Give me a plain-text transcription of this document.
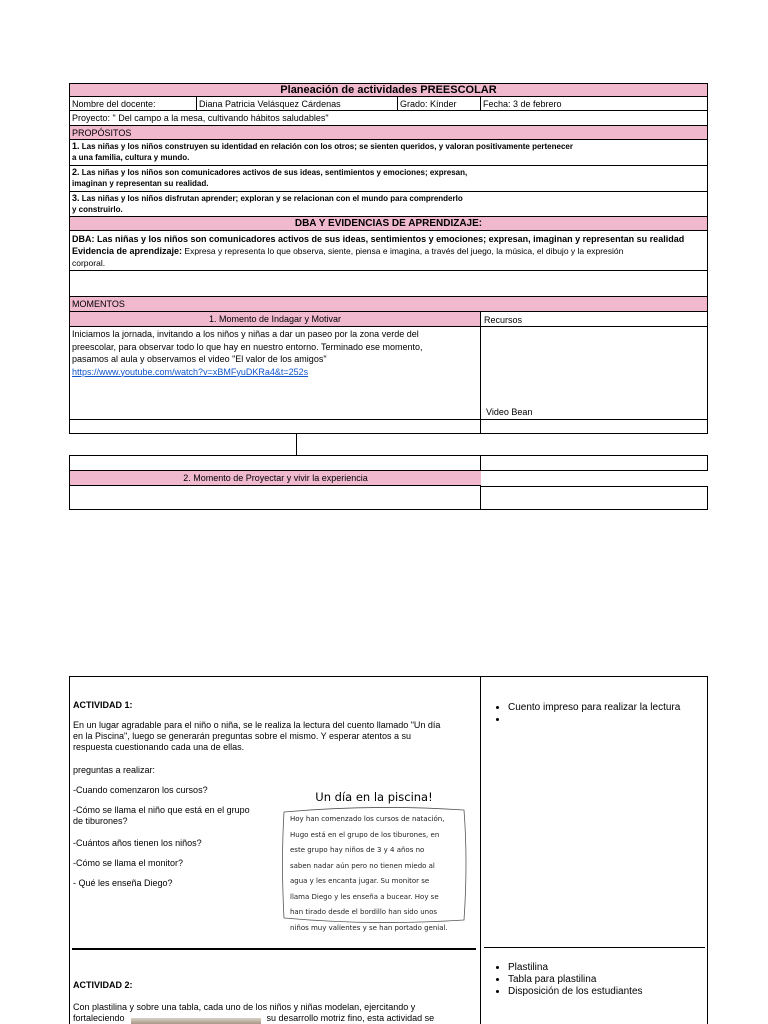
Planeación de actividades PREESCOLAR
Nombre del docente:	Diana Patricia Velásquez Cárdenas	Grado: Kínder	Fecha: 3 de febrero
Proyecto: " Del campo a la mesa, cultivando hábitos saludables"
PROPÓSITOS
1. Las niñas y los niños construyen su identidad en relación con los otros; se sienten queridos, y valoran positivamente pertenecer
a una familia, cultura y mundo.
2. Las niñas y los niños son comunicadores activos de sus ideas, sentimientos y emociones; expresan,
imaginan y representan su realidad.
3. Las niñas y los niños disfrutan aprender; exploran y se relacionan con el mundo para comprenderlo
y construirlo.
DBA Y EVIDENCIAS DE APRENDIZAJE:
DBA: Las niñas y los niños son comunicadores activos de sus ideas, sentimientos y emociones; expresan, imaginan y representan su realidad
Evidencia de aprendizaje: Expresa y representa lo que observa, siente, piensa e imagina, a través del juego, la música, el dibujo y la expresión
corporal.
MOMENTOS
1. Momento de Indagar y Motivar	Recursos
Iniciamos la jornada, invitando a los niños y niñas a dar un paseo por la zona verde del
preescolar, para observar todo lo que hay en nuestro entorno. Terminado ese momento,
pasamos al aula y observamos el video "El valor de los amigos"
https://www.youtube.com/watch?v=xBMFyuDKRa4&t=252s
Video Bean
2. Momento de Proyectar y vivir la experiencia
ACTIVIDAD 1:
En un lugar agradable para el niño o niña, se le realiza la lectura del cuento llamado "Un día
en la Piscina", luego se generarán preguntas sobre el mismo. Y esperar atentos a su
respuesta cuestionando cada una de ellas.
preguntas a realizar:
-Cuando comenzaron los cursos?
-Cómo se llama el niño que está en el grupo
de tiburones?
-Cuántos años tienen los niños?
-Cómo se llama el monitor?
- Qué les enseña Diego?
Un día en la piscina!
Hoy han comenzado los cursos de natación,
Hugo está en el grupo de los tiburones, en
este grupo hay niños de 3 y 4 años no
saben nadar aún pero no tienen miedo al
agua y les encanta jugar. Su monitor se
llama Diego y les enseña a bucear. Hoy se
han tirado desde el bordillo han sido unos
niños muy valientes y se han portado genial.
• Cuento impreso para realizar la lectura
•
ACTIVIDAD 2:
Con plastilina y sobre una tabla, cada uno de los niños y niñas modelan, ejercitando y
fortaleciendo	su desarrollo motriz fino, esta actividad se
• Plastilina
• Tabla para plastilina
• Disposición de los estudiantes
